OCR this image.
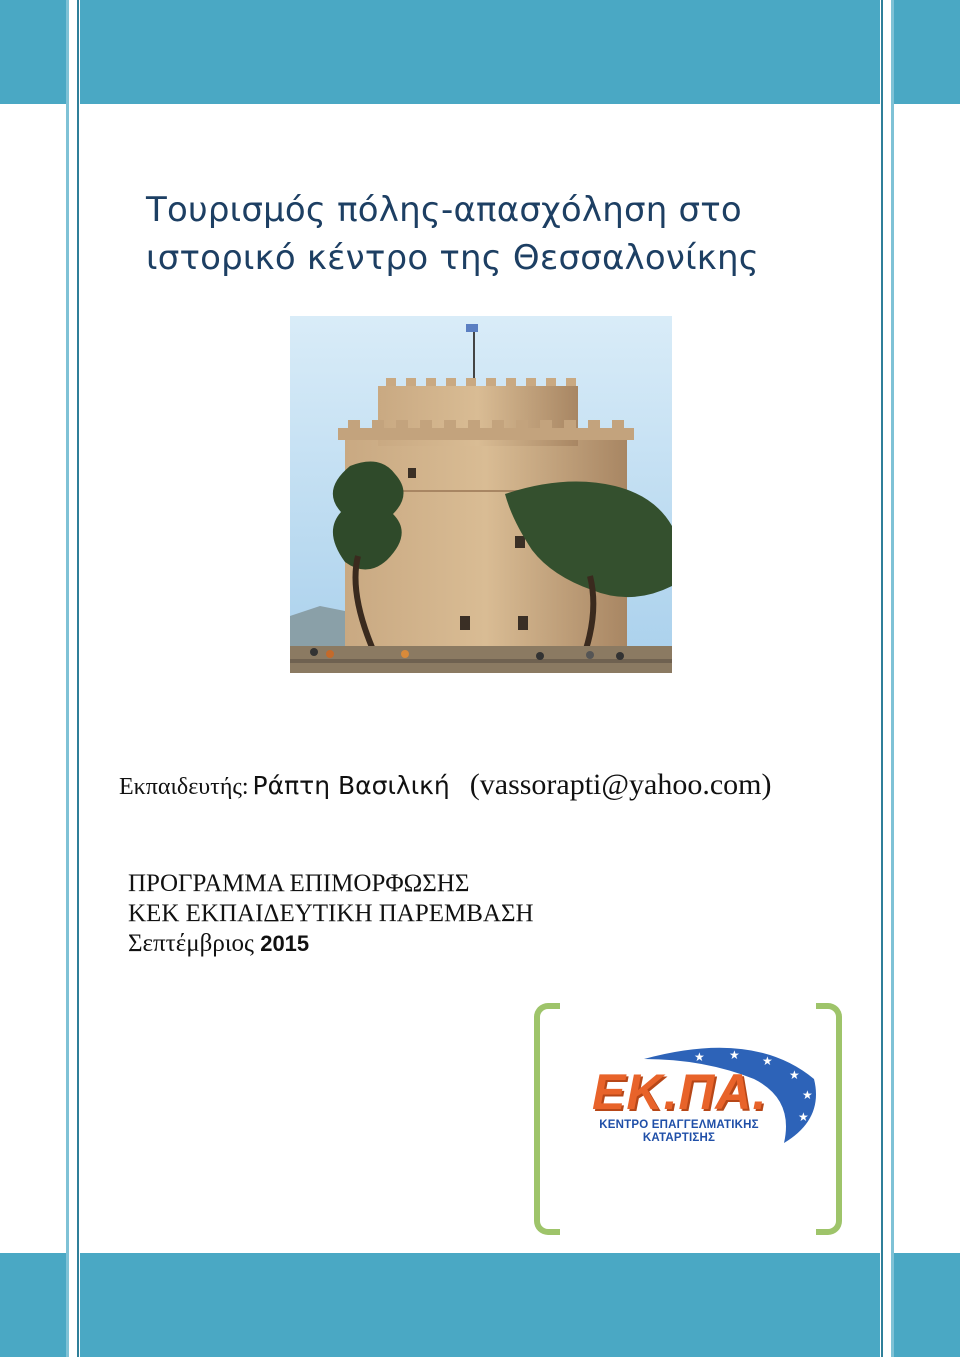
Τουρισμός πόλης-απασχόληση στο
ιστορικό κέντρο της Θεσσαλονίκης
Εκπαιδευτής: Ράπτη Βασιλική (vassorapti@yahoo.com)
ΠΡΟΓΡΑΜΜΑ ΕΠΙΜΟΡΦΩΣΗΣ
ΚΕΚ ΕΚΠΑΙΔΕΥΤΙΚΗ ΠΑΡΕΜΒΑΣΗ
Σεπτέμβριος 2015
★ ★ ★
★
★
★
ΕΚ.ΠΑ.
ΚΕΝΤΡΟ ΕΠΑΓΓΕΛΜΑΤΙΚΗΣ
ΚΑΤΑΡΤΙΣΗΣ
